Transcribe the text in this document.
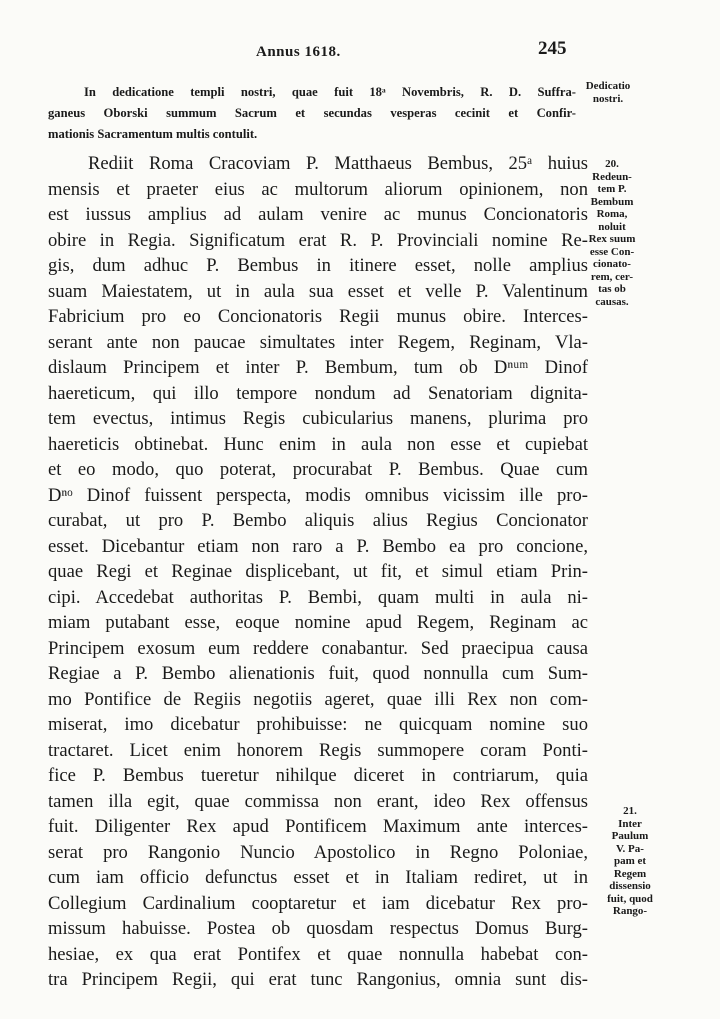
Annus 1618.	245
In dedicatione templi nostri, quae fuit 18ᵃ Novembris, R. D. Suffra-
ganeus Oborski summum Sacrum et secundas vesperas cecinit et Confir-
mationis Sacramentum multis contulit.
Rediit Roma Cracoviam P. Matthaeus Bembus, 25ᵃ huius
mensis et praeter eius ac multorum aliorum opinionem, non
est iussus amplius ad aulam venire ac munus Concionatoris
obire in Regia. Significatum erat R. P. Provinciali nomine Re-
gis, dum adhuc P. Bembus in itinere esset, nolle amplius
suam Maiestatem, ut in aula sua esset et velle P. Valentinum
Fabricium pro eo Concionatoris Regii munus obire. Interces-
serant ante non paucae simultates inter Regem, Reginam, Vla-
dislaum Principem et inter P. Bembum, tum ob Dⁿᵘᵐ Dinof
haereticum, qui illo tempore nondum ad Senatoriam dignita-
tem evectus, intimus Regis cubicularius manens, plurima pro
haereticis obtinebat. Hunc enim in aula non esse et cupiebat
et eo modo, quo poterat, procurabat P. Bembus. Quae cum
Dⁿᵒ Dinof fuissent perspecta, modis omnibus vicissim ille pro-
curabat, ut pro P. Bembo aliquis alius Regius Concionator
esset. Dicebantur etiam non raro a P. Bembo ea pro concione,
quae Regi et Reginae displicebant, ut fit, et simul etiam Prin-
cipi. Accedebat authoritas P. Bembi, quam multi in aula ni-
miam putabant esse, eoque nomine apud Regem, Reginam ac
Principem exosum eum reddere conabantur. Sed praecipua causa
Regiae a P. Bembo alienationis fuit, quod nonnulla cum Sum-
mo Pontifice de Regiis negotiis ageret, quae illi Rex non com-
miserat, imo dicebatur prohibuisse: ne quicquam nomine suo
tractaret. Licet enim honorem Regis summopere coram Ponti-
fice P. Bembus tueretur nihilque diceret in contriarum, quia
tamen illa egit, quae commissa non erant, ideo Rex offensus
fuit. Diligenter Rex apud Pontificem Maximum ante interces-
serat pro Rangonio Nuncio Apostolico in Regno Poloniae,
cum iam officio defunctus esset et in Italiam rediret, ut in
Collegium Cardinalium cooptaretur et iam dicebatur Rex pro-
missum habuisse. Postea ob quosdam respectus Domus Burg-
hesiae, ex qua erat Pontifex et quae nonnulla habebat con-
tra Principem Regii, qui erat tunc Rangonius, omnia sunt dis-
Dedicatio
nostri.
20.
Redeun-
tem P.
Bembum
Roma,
noluit
Rex suum
esse Con-
cionato-
rem, cer-
tas ob
causas.
21.
Inter
Paulum
V. Pa-
pam et
Regem
dissensio
fuit, quod
Rango-
